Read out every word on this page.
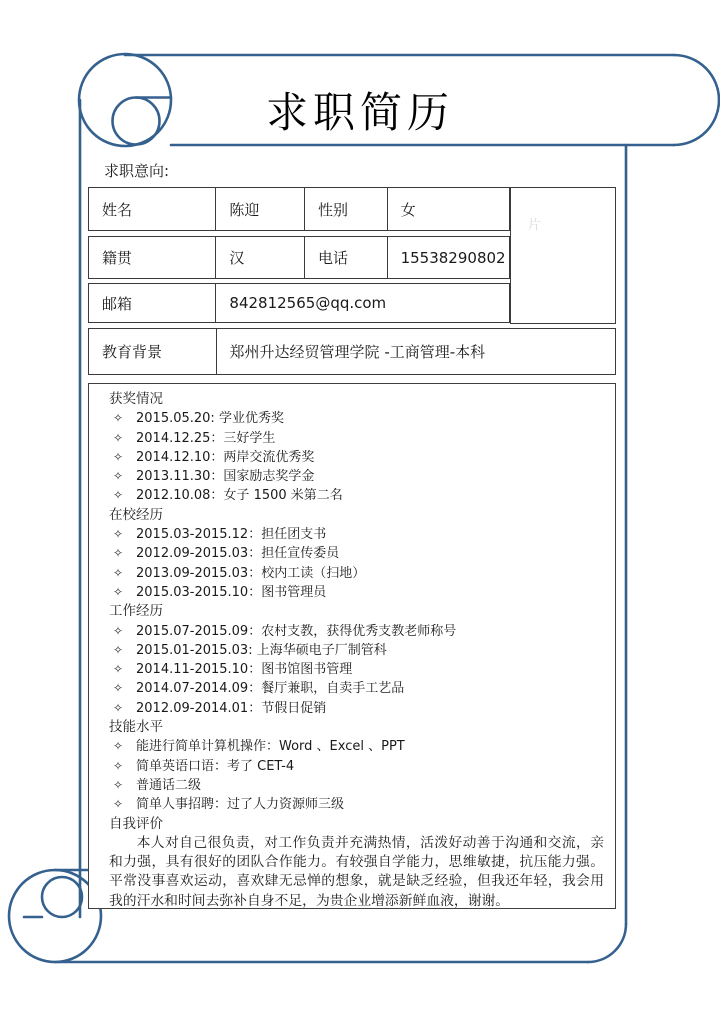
求职简历
求职意向:
姓名	陈迎	性别	女
籍贯	汉	电话	15538290802
邮箱	842812565@qq.com
片
教育背景	郑州升达经贸管理学院 -工商管理-本科
获奖情况
✧ 2015.05.20: 学业优秀奖
✧ 2014.12.25：三好学生
✧ 2014.12.10：两岸交流优秀奖
✧ 2013.11.30：国家励志奖学金
✧ 2012.10.08：女子 1500 米第二名
在校经历
✧ 2015.03-2015.12：担任团支书
✧ 2012.09-2015.03：担任宣传委员
✧ 2013.09-2015.03：校内工读（扫地）
✧ 2015.03-2015.10：图书管理员
工作经历
✧ 2015.07-2015.09：农村支教，获得优秀支教老师称号
✧ 2015.01-2015.03: 上海华硕电子厂制管科
✧ 2014.11-2015.10：图书馆图书管理
✧ 2014.07-2014.09：餐厅兼职，自卖手工艺品
✧ 2012.09-2014.01：节假日促销
技能水平
✧ 能进行简单计算机操作：Word 、Excel 、PPT
✧ 简单英语口语：考了 CET-4
✧ 普通话二级
✧ 简单人事招聘：过了人力资源师三级
自我评价
本人对自己很负责，对工作负责并充满热情，活泼好动善于沟通和交流，亲和力强，具有很好的团队合作能力。有较强自学能力，思维敏捷，抗压能力强。平常没事喜欢运动，喜欢肆无忌惮的想象，就是缺乏经验，但我还年轻，我会用我的汗水和时间去弥补自身不足，为贵企业增添新鲜血液，谢谢。
